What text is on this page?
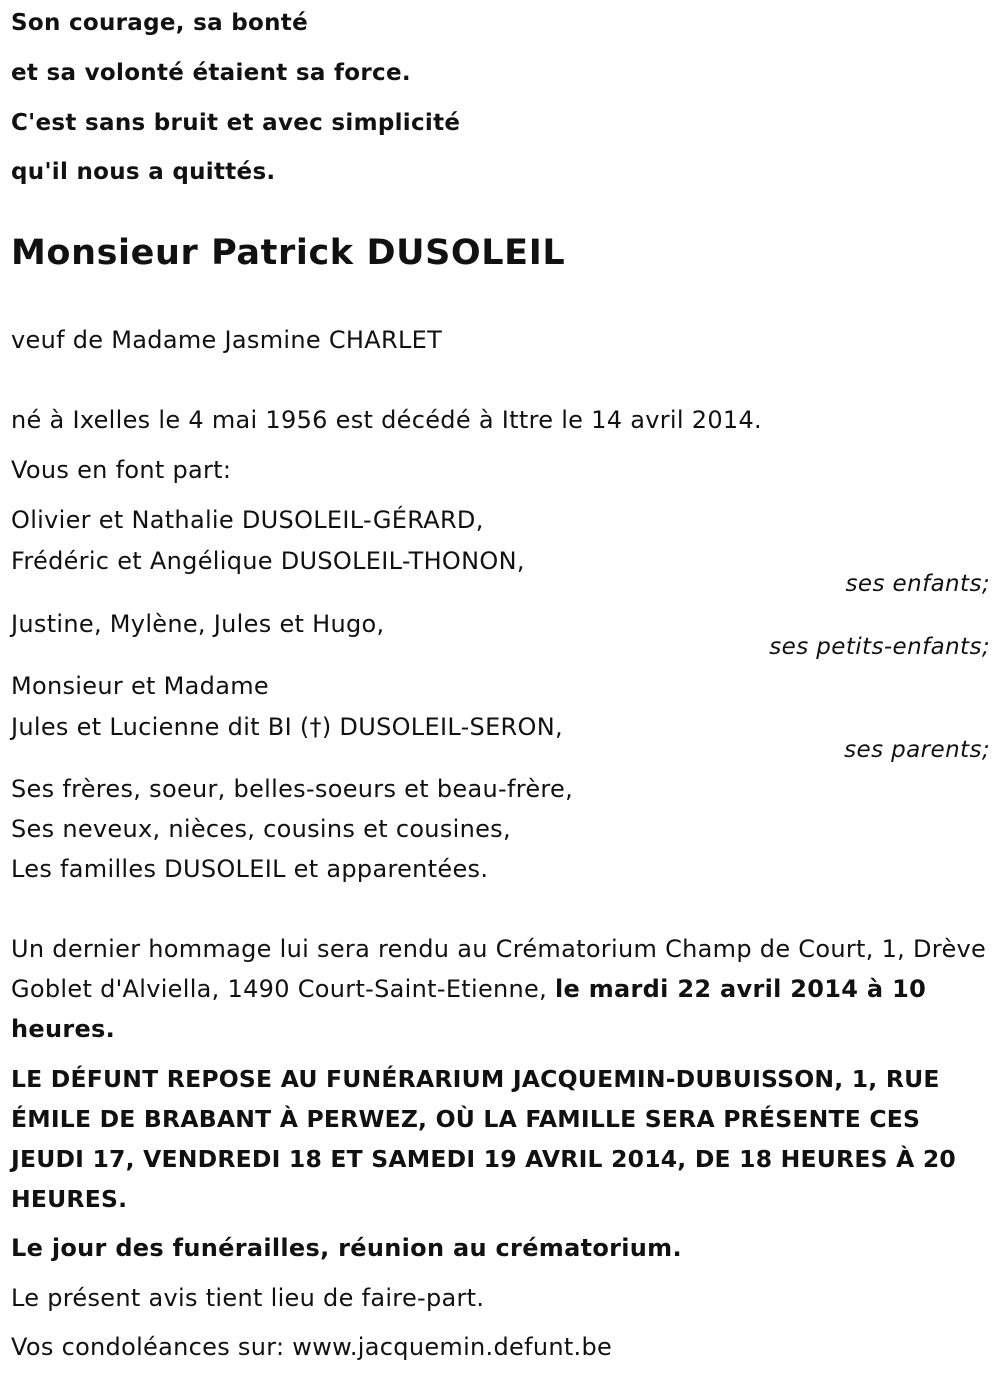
Son courage, sa bonté
et sa volonté étaient sa force.
C'est sans bruit et avec simplicité
qu'il nous a quittés.
Monsieur Patrick DUSOLEIL
veuf de Madame Jasmine CHARLET
né à Ixelles le 4 mai 1956 est décédé à Ittre le 14 avril 2014.
Vous en font part:
Olivier et Nathalie DUSOLEIL-GÉRARD,
Frédéric et Angélique DUSOLEIL-THONON,
ses enfants;
Justine, Mylène, Jules et Hugo,
ses petits-enfants;
Monsieur et Madame
Jules et Lucienne dit BI (†) DUSOLEIL-SERON,
ses parents;
Ses frères, soeur, belles-soeurs et beau-frère,
Ses neveux, nièces, cousins et cousines,
Les familles DUSOLEIL et apparentées.
Un dernier hommage lui sera rendu au Crématorium Champ de Court, 1, Drève Goblet d'Alviella, 1490 Court-Saint-Etienne, le mardi 22 avril 2014 à 10 heures.
LE DÉFUNT REPOSE AU FUNÉRARIUM JACQUEMIN-DUBUISSON, 1, RUE ÉMILE DE BRABANT À PERWEZ, OÙ LA FAMILLE SERA PRÉSENTE CES JEUDI 17, VENDREDI 18 ET SAMEDI 19 AVRIL 2014, DE 18 HEURES À 20 HEURES.
Le jour des funérailles, réunion au crématorium.
Le présent avis tient lieu de faire-part.
Vos condoléances sur: www.jacquemin.defunt.be
